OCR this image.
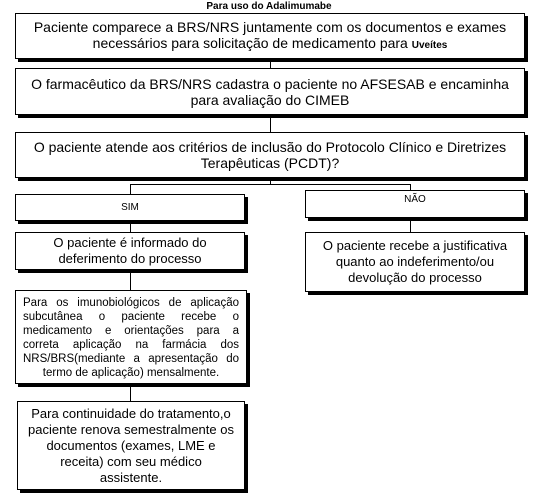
Para uso do Adalimumabe
Paciente comparece a BRS/NRS juntamente com os documentos e exames necessários para solicitação de medicamento para Uveítes
O farmacêutico da BRS/NRS cadastra o paciente no AFSESAB e encaminha para avaliação do CIMEB
O paciente atende aos critérios de inclusão do Protocolo Clínico e Diretrizes Terapêuticas (PCDT)?
SIM
O paciente é informado do deferimento do processo
Para os imunobiológicos de aplicação subcutânea o paciente recebe o medicamento e orientações para a correta aplicação na farmácia dos NRS/BRS(mediante a apresentação do termo de aplicação) mensalmente.
Para continuidade do tratamento,o paciente renova semestralmente os documentos (exames, LME e receita) com seu médico assistente.
NÃO
O paciente recebe a justificativa quanto ao indeferimento/ou devolução do processo
